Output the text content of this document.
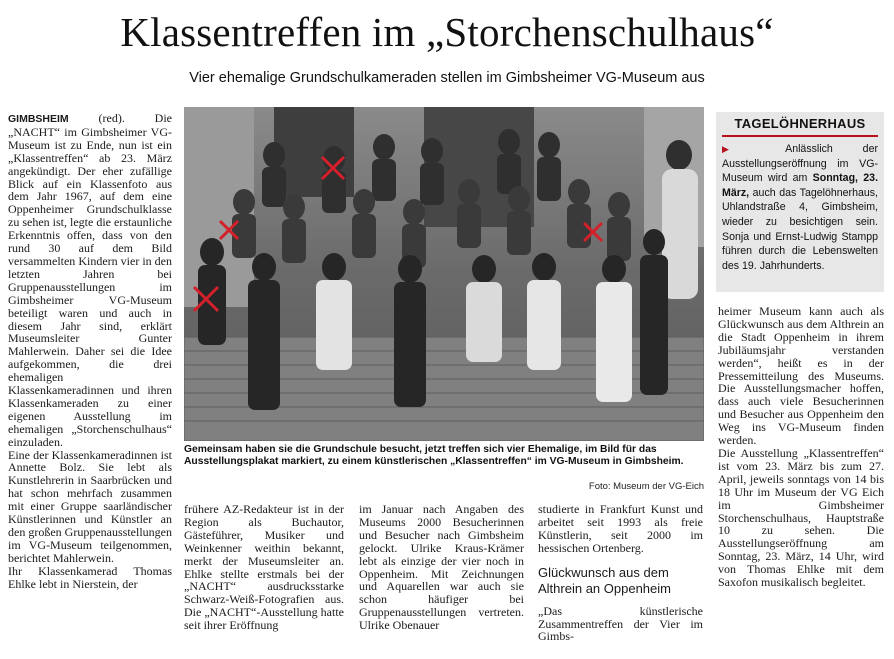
Klassentreffen im „Storchenschulhaus“
Vier ehemalige Grundschulkameraden stellen im Gimbsheimer VG-Museum aus

GIMBSHEIM (red). Die „NACHT“ im Gimbsheimer VG-Museum ist zu Ende, nun ist ein „Klassentreffen“ ab 23. März angekündigt. Der eher zufällige Blick auf ein Klassenfoto aus dem Jahr 1967, auf dem eine Oppenheimer Grundschulklasse zu sehen ist, legte die erstaunliche Erkenntnis offen, dass von den rund 30 auf dem Bild versammelten Kindern vier in den letzten Jahren bei Gruppenausstellungen im Gimbsheimer VG-Museum beteiligt waren und auch in diesem Jahr sind, erklärt Museumsleiter Gunter Mahlerwein. Daher sei die Idee aufgekommen, die drei ehemaligen Klassenkameradinnen und ihren Klassenkameraden zu einer eigenen Ausstellung im ehemaligen „Storchenschulhaus“ einzuladen.

Eine der Klassenkameradinnen ist Annette Bolz. Sie lebt als Kunstlehrerin in Saarbrücken und hat schon mehrfach zusammen mit einer Gruppe saarländischer Künstlerinnen und Künstler an den großen Gruppenausstellungen im VG-Museum teilgenommen, berichtet Mahlerwein.

Ihr Klassenkamerad Thomas Ehlke lebt in Nierstein, der

Gemeinsam haben sie die Grundschule besucht, jetzt treffen sich vier Ehemalige, im Bild für das Ausstellungsplakat markiert, zu einem künstlerischen „Klassentreffen“ im VG-Museum in Gimbsheim.
Foto: Museum der VG-Eich

frühere AZ-Redakteur ist in der Region als Buchautor, Gästeführer, Musiker und Weinkenner weithin bekannt, merkt der Museumsleiter an. Ehlke stellte erstmals bei der „NACHT“ ausdrucksstarke Schwarz-Weiß-Fotografien aus. Die „NACHT“-Ausstellung hatte seit ihrer Eröffnung

im Januar nach Angaben des Museums 2000 Besucherinnen und Besucher nach Gimbsheim gelockt. Ulrike Kraus-Krämer lebt als einzige der vier noch in Oppenheim. Mit Zeichnungen und Aquarellen war auch sie schon häufiger bei Gruppenausstellungen vertreten. Ulrike Obenauer

studierte in Frankfurt Kunst und arbeitet seit 1993 als freie Künstlerin, seit 2000 im hessischen Ortenberg.

Glückwunsch aus dem Althrein an Oppenheim

„Das künstlerische Zusammentreffen der Vier im Gimbs-

TAGELÖHNERHAUS
▶	Anlässlich der Ausstellungseröffnung im VG-Museum wird am Sonntag, 23. März, auch das Tagelöhnerhaus, Uhlandstraße 4, Gimbsheim, wieder zu besichtigen sein. Sonja und Ernst-Ludwig Stampp führen durch die Lebenswelten des 19. Jahrhunderts.

heimer Museum kann auch als Glückwunsch aus dem Althrein an die Stadt Oppenheim in ihrem Jubiläumsjahr verstanden werden“, heißt es in der Pressemitteilung des Museums. Die Ausstellungsmacher hoffen, dass auch viele Besucherinnen und Besucher aus Oppenheim den Weg ins VG-Museum finden werden.

Die Ausstellung „Klassentreffen“ ist vom 23. März bis zum 27. April, jeweils sonntags von 14 bis 18 Uhr im Museum der VG Eich im Gimbsheimer Storchenschulhaus, Hauptstraße 10 zu sehen. Die Ausstellungseröffnung am Sonntag, 23. März, 14 Uhr, wird von Thomas Ehlke mit dem Saxofon musikalisch begleitet.
